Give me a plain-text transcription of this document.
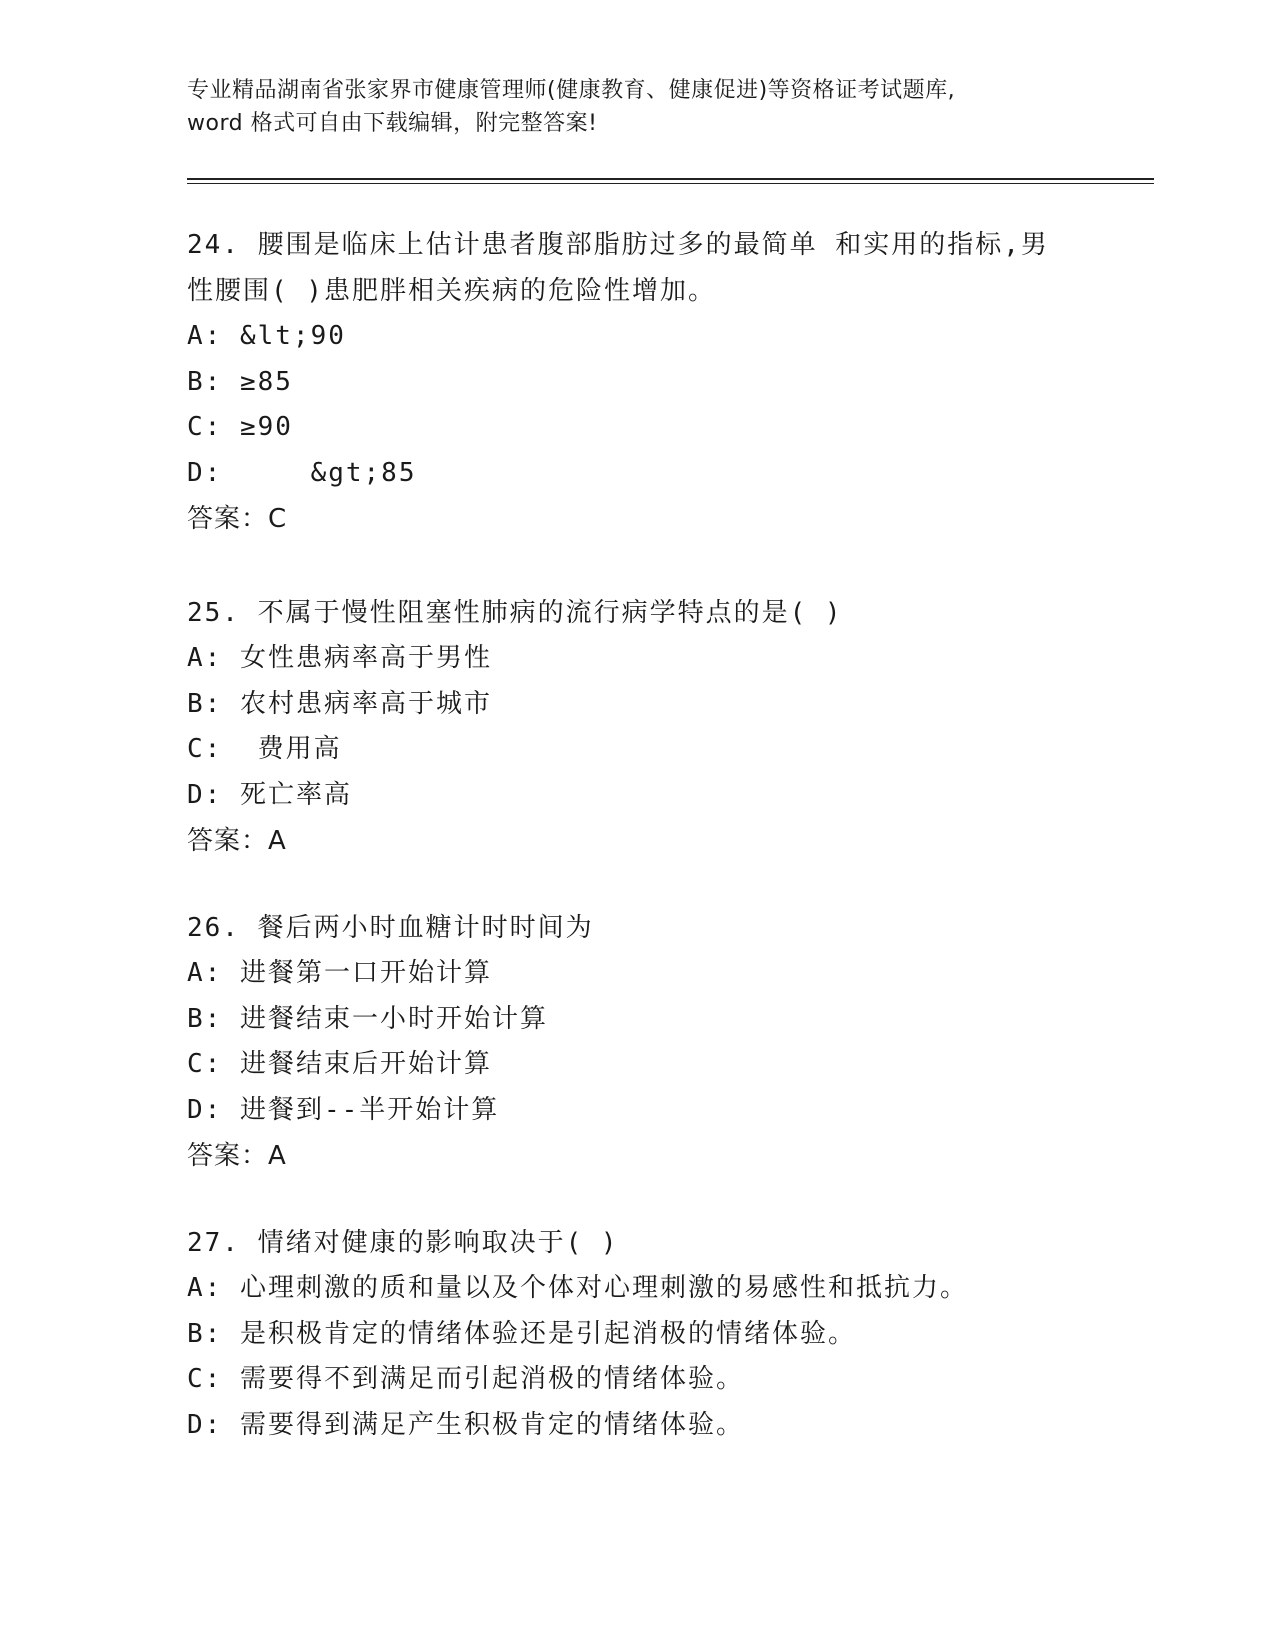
专业精品湖南省张家界市健康管理师(健康教育、健康促进)等资格证考试题库,
word 格式可自由下载编辑，附完整答案!
24. 腰围是临床上估计患者腹部脂肪过多的最简单 和实用的指标,男
性腰围( )患肥胖相关疾病的危险性增加。
A: &lt;90
B: ≥85
C: ≥90
D:     &gt;85
答案：C
25. 不属于慢性阻塞性肺病的流行病学特点的是( )
A: 女性患病率高于男性
B: 农村患病率高于城市
C:  费用高
D: 死亡率高
答案：A
26. 餐后两小时血糖计时时间为
A: 进餐第一口开始计算
B: 进餐结束一小时开始计算
C: 进餐结束后开始计算
D: 进餐到--半开始计算
答案：A
27. 情绪对健康的影响取决于( )
A: 心理刺激的质和量以及个体对心理刺激的易感性和抵抗力。
B: 是积极肯定的情绪体验还是引起消极的情绪体验。
C: 需要得不到满足而引起消极的情绪体验。
D: 需要得到满足产生积极肯定的情绪体验。
